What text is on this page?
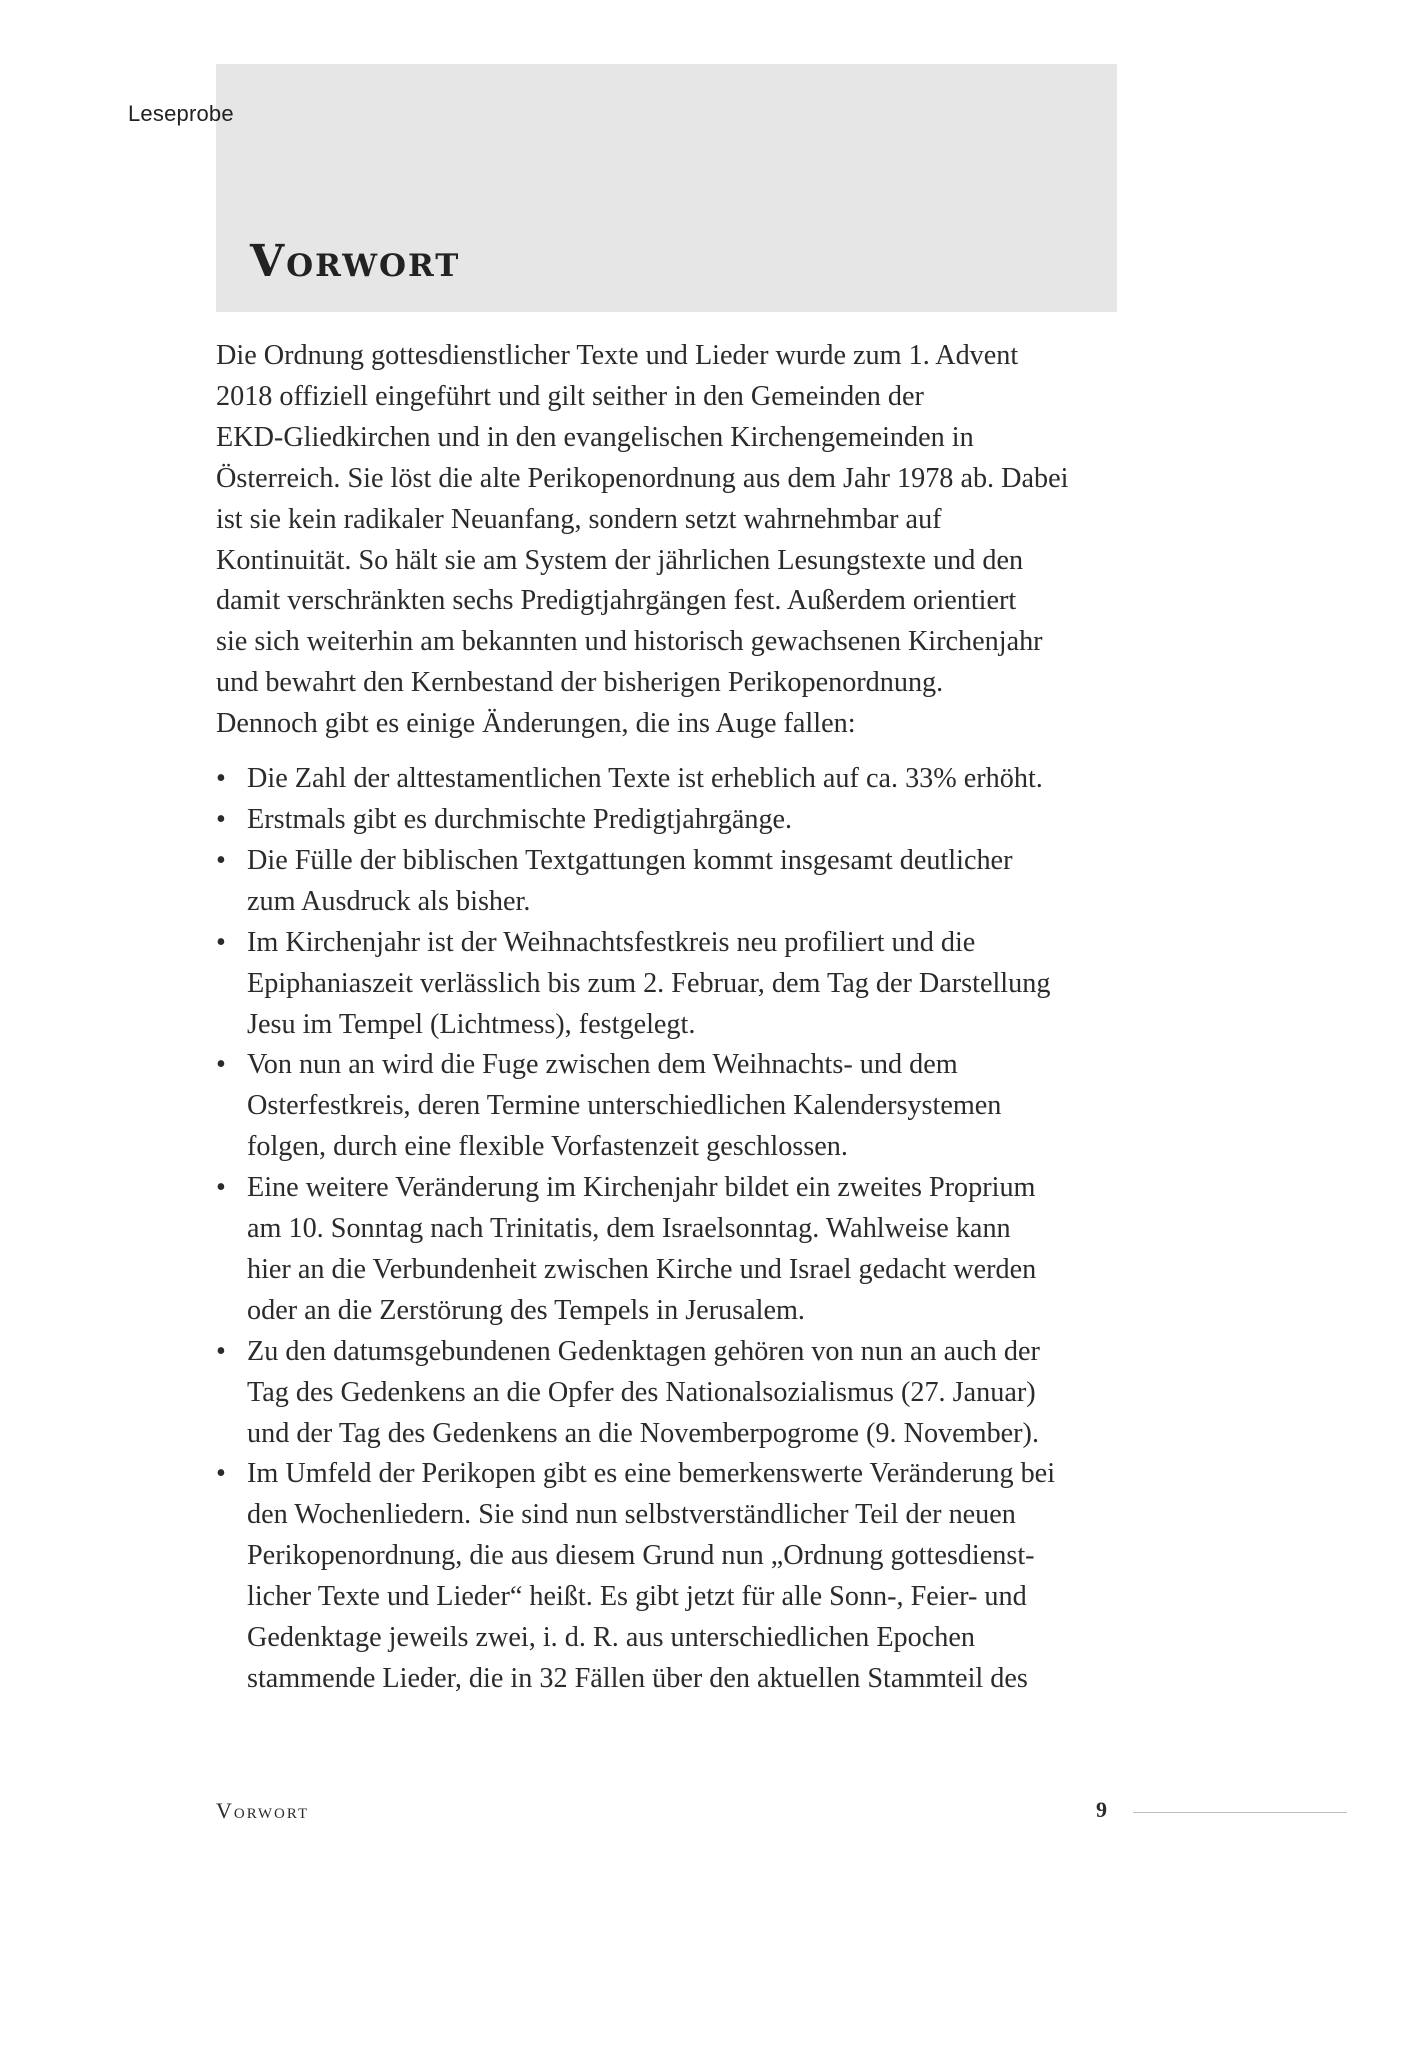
Leseprobe
Vorwort

Die Ordnung gottesdienstlicher Texte und Lieder wurde zum 1. Advent
2018 offiziell eingeführt und gilt seither in den Gemeinden der
EKD-Gliedkirchen und in den evangelischen Kirchengemeinden in
Österreich. Sie löst die alte Perikopenordnung aus dem Jahr 1978 ab. Dabei
ist sie kein radikaler Neuanfang, sondern setzt wahrnehmbar auf
Kontinuität. So hält sie am System der jährlichen Lesungstexte und den
damit verschränkten sechs Predigtjahrgängen fest. Außerdem orientiert
sie sich weiterhin am bekannten und historisch gewachsenen Kirchenjahr
und bewahrt den Kernbestand der bisherigen Perikopenordnung.
Dennoch gibt es einige Änderungen, die ins Auge fallen:

• Die Zahl der alttestamentlichen Texte ist erheblich auf ca. 33% erhöht.
• Erstmals gibt es durchmischte Predigtjahrgänge.
• Die Fülle der biblischen Textgattungen kommt insgesamt deutlicher
zum Ausdruck als bisher.
• Im Kirchenjahr ist der Weihnachtsfestkreis neu profiliert und die
Epiphaniaszeit verlässlich bis zum 2. Februar, dem Tag der Darstellung
Jesu im Tempel (Lichtmess), festgelegt.
• Von nun an wird die Fuge zwischen dem Weihnachts- und dem
Osterfestkreis, deren Termine unterschiedlichen Kalendersystemen
folgen, durch eine flexible Vorfastenzeit geschlossen.
• Eine weitere Veränderung im Kirchenjahr bildet ein zweites Proprium
am 10. Sonntag nach Trinitatis, dem Israelsonntag. Wahlweise kann
hier an die Verbundenheit zwischen Kirche und Israel gedacht werden
oder an die Zerstörung des Tempels in Jerusalem.
• Zu den datumsgebundenen Gedenktagen gehören von nun an auch der
Tag des Gedenkens an die Opfer des Nationalsozialismus (27. Januar)
und der Tag des Gedenkens an die Novemberpogrome (9. November).
• Im Umfeld der Perikopen gibt es eine bemerkenswerte Veränderung bei
den Wochenliedern. Sie sind nun selbstverständlicher Teil der neuen
Perikopenordnung, die aus diesem Grund nun „Ordnung gottesdienst-
licher Texte und Lieder“ heißt. Es gibt jetzt für alle Sonn-, Feier- und
Gedenktage jeweils zwei, i. d. R. aus unterschiedlichen Epochen
stammende Lieder, die in 32 Fällen über den aktuellen Stammteil des
Vorwort	9
